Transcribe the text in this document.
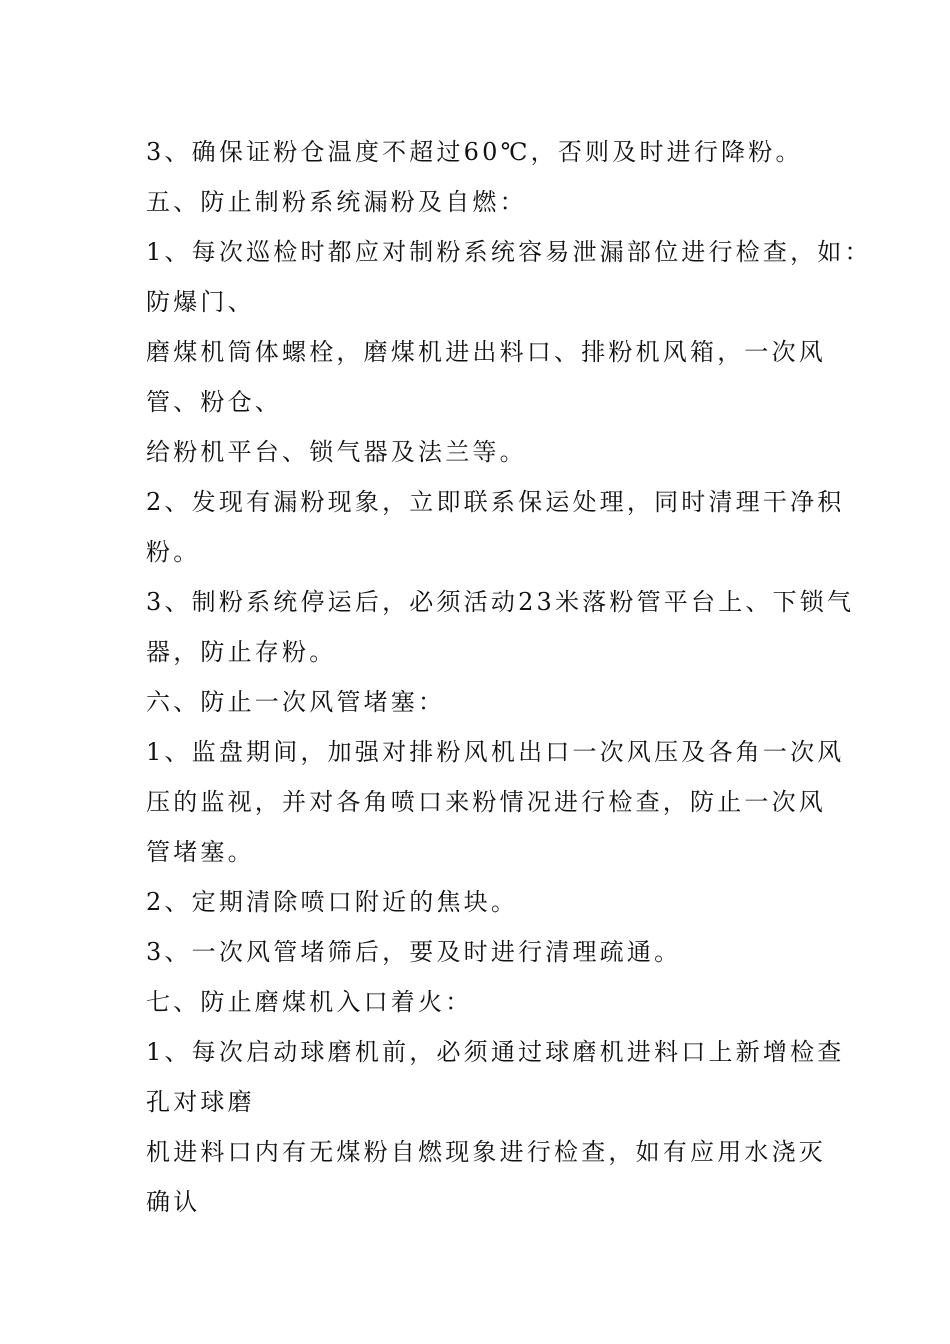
3、确保证粉仓温度不超过60℃，否则及时进行降粉。
五、防止制粉系统漏粉及自燃：
1、每次巡检时都应对制粉系统容易泄漏部位进行检查，如：
防爆门、
磨煤机筒体螺栓，磨煤机进出料口、排粉机风箱，一次风
管、粉仓、
给粉机平台、锁气器及法兰等。
2、发现有漏粉现象，立即联系保运处理，同时清理干净积
粉。
3、制粉系统停运后，必须活动23米落粉管平台上、下锁气
器，防止存粉。
六、防止一次风管堵塞：
1、监盘期间，加强对排粉风机出口一次风压及各角一次风
压的监视，并对各角喷口来粉情况进行检查，防止一次风
管堵塞。
2、定期清除喷口附近的焦块。
3、一次风管堵筛后，要及时进行清理疏通。
七、防止磨煤机入口着火：
1、每次启动球磨机前，必须通过球磨机进料口上新增检查
孔对球磨
机进料口内有无煤粉自燃现象进行检查，如有应用水浇灭
确认
